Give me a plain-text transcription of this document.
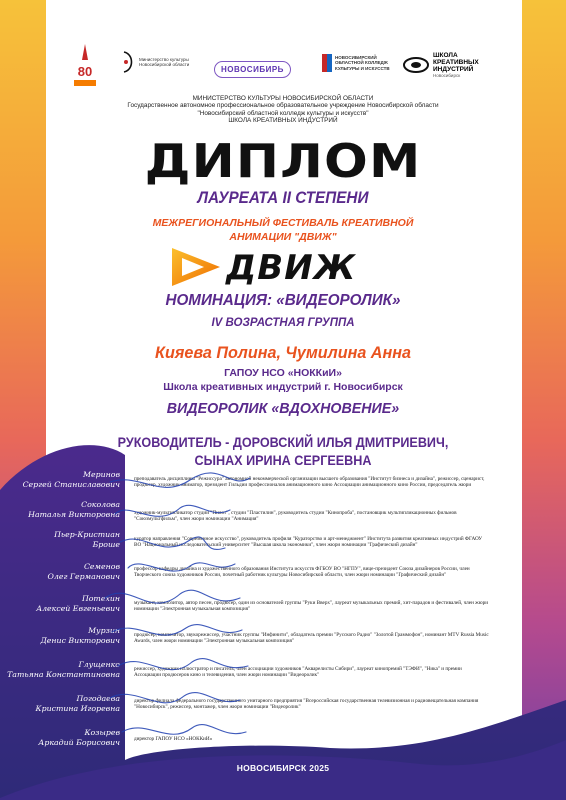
80
Министерство культуры Новосибирской области	НОВОСИБИРЬ
НОВОСИБИРСКИЙ ОБЛАСТНОЙ КОЛЛЕДЖ КУЛЬТУРЫ И ИСКУССТВ
ШКОЛА КРЕАТИВНЫХ ИНДУСТРИЙ
Новосибирск
МИНИСТЕРСТВО КУЛЬТУРЫ НОВОСИБИРСКОЙ ОБЛАСТИ
Государственное автономное профессиональное образовательное учреждение Новосибирской области
"Новосибирский областной колледж культуры и искусств"
ШКОЛА КРЕАТИВНЫХ ИНДУСТРИЙ
ДИПЛОМ
ЛАУРЕАТА II СТЕПЕНИ
МЕЖРЕГИОНАЛЬНЫЙ ФЕСТИВАЛЬ КРЕАТИВНОЙ
АНИМАЦИИ "ДВИЖ"
ДВИЖ
НОМИНАЦИЯ: «ВИДЕОРОЛИК»
IV ВОЗРАСТНАЯ ГРУППА
Кияева Полина, Чумилина Анна
ГАПОУ НСО «НОККиИ»
Школа креативных индустрий г. Новосибирск
ВИДЕОРОЛИК «ВДОХНОВЕНИЕ»
РУКОВОДИТЕЛЬ - ДОРОВСКИЙ ИЛЬЯ ДМИТРИЕВИЧ,
СЫНАХ ИРИНА СЕРГЕЕВНА
Меринов
Сергей Станиславович
Соколова
Наталья Викторовна
Пьер-Кристиан
Броше
Семенов
Олег Германович
Потехин
Алексей Евгеньевич
Мурзин
Денис Викторович
Глущенко
Татьяна Константиновна
Погодаева
Кристина Игоревна
Козырев
Аркадий Борисович
преподаватель дисциплины "Режиссура" автономной некоммерческой организации высшего образования "Институт бизнеса и дизайна", режиссер, сценарист, продюсер, художник-аниматор, президент Гильдии профессионалов анимационного кино Ассоциации анимационного кино России, председатель жюри
художник-мультипликатор студии "Пилот", студии "Пластилин", руководитель студии "Кинопроба", постановщик мультипликационных фильмов "Союзмультфильм", член жюри номинации "Анимация"
куратор направления "Современное искусство", руководитель профиля "Кураторство и арт-менеджмент" Института развития креативных индустрий ФГАОУ ВО "Национальный исследовательский университет "Высшая школа экономики", член жюри номинации "Графический дизайн"
профессор кафедры дизайна и художественного образования Института искусств ФГБОУ ВО "НГПУ", вице-президент Союза дизайнеров России, член Творческого союза художников России, почетный работник культуры Новосибирской области, член жюри номинации "Графический дизайн"
музыкант, композитор, автор песен, продюсер, один из основателей группы "Руки Вверх", лауреат музыкальных премий, хит-парадов и фестивалей, член жюри номинации "Электронная музыкальная композиция"
продюсер, композитор, звукорежиссер, участник группы "Инфинити", обладатель премии "Русского Радио" "Золотой Граммофон", номинант MTV Russia Music Awards, член жюри номинации "Электронная музыкальная композиция"
режиссер, художник иллюстратор и писатель, член ассоциации художников "Акварелисты Сибири", лауреат кинопремий "ТЭФИ", "Ника" и премии Ассоциации продюсеров кино и телевидения, член жюри номинации "Видеоролик"
директор филиала федерального государственного унитарного предприятия "Всероссийская государственная телевизионная и радиовещательная компания "Новосибирск", режиссер, монтажер, член жюри номинации "Видеоролик"
директор ГАПОУ НСО «НОККиИ»
НОВОСИБИРСК 2025
